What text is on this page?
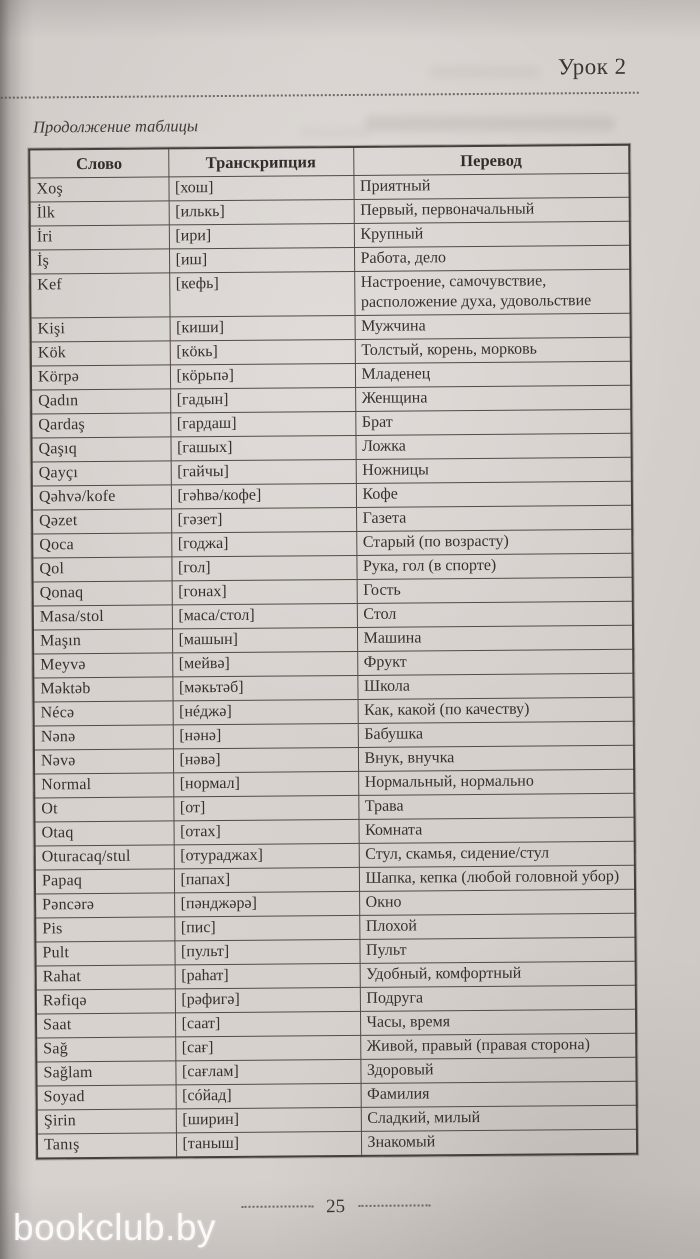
Урок 2
Продолжение таблицы
Слово	Транскрипция	Перевод
Xoş	[хош]	Приятный
İlk	[илькь]	Первый, первоначальный
İri	[ири]	Крупный
İş	[иш]	Работа, дело
Kef	[кефь]	Настроение, самочувствие, расположение духа, удовольствие
Kişi	[киши]	Мужчина
Kök	[кöкь]	Толстый, корень, морковь
Körpə	[кöрьпə]	Младенец
Qadın	[гадын]	Женщина
Qardaş	[гардаш]	Брат
Qaşıq	[гашых]	Ложка
Qayçı	[гайчы]	Ножницы
Qəhvə/kofe	[гəhвə/кофе]	Кофе
Qəzet	[гəзет]	Газета
Qoca	[годжа]	Старый (по возрасту)
Qol	[гол]	Рука, гол (в спорте)
Qonaq	[гонах]	Гость
Masa/stol	[маса/стол]	Стол
Maşın	[машын]	Машина
Meyvə	[мейвə]	Фрукт
Məktəb	[мəкьтəб]	Школа
Nécə	[нéджə]	Как, какой (по качеству)
Nənə	[нəнə]	Бабушка
Nəvə	[нəвə]	Внук, внучка
Normal	[нормал]	Нормальный, нормально
Ot	[от]	Трава
Otaq	[отах]	Комната
Oturacaq/stul	[отураджах]	Стул, скамья, сидение/стул
Papaq	[папах]	Шапка, кепка (любой головной убор)
Pəncərə	[пəнджəрə]	Окно
Pis	[пис]	Плохой
Pult	[пульт]	Пульт
Rahat	[раhат]	Удобный, комфортный
Rəfiqə	[рəфигə]	Подруга
Saat	[саат]	Часы, время
Sağ	[сағ]	Живой, правый (правая сторона)
Sağlam	[сағлам]	Здоровый
Soyad	[сóйад]	Фамилия
Şirin	[ширин]	Сладкий, милый
Tanış	[таныш]	Знакомый
25
bookclub.by
